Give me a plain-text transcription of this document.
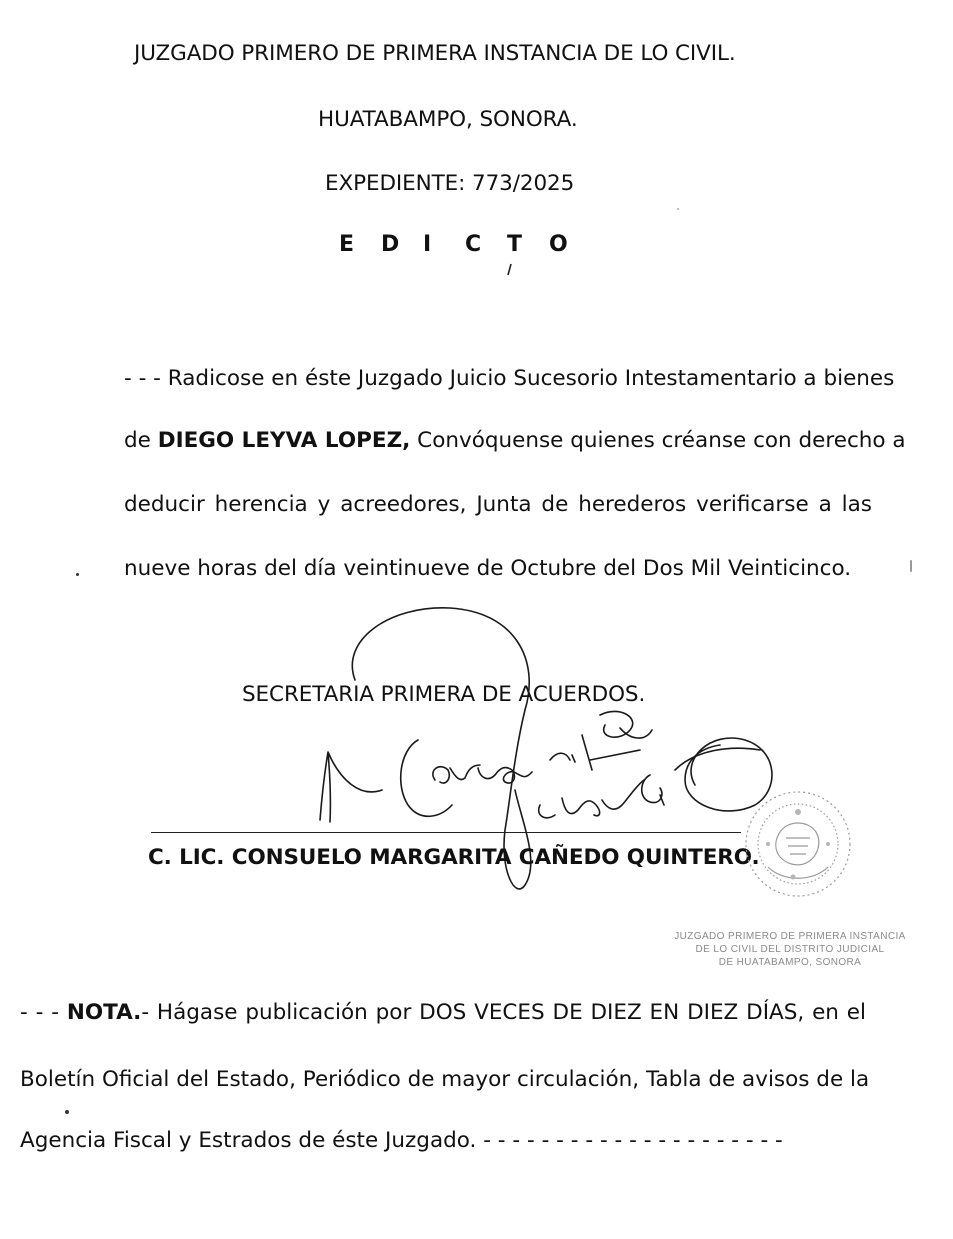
JUZGADO PRIMERO DE PRIMERA INSTANCIA DE LO CIVIL.
HUATABAMPO, SONORA.
EXPEDIENTE: 773/2025
E D I C T O
- - - Radicose en éste Juzgado Juicio Sucesorio Intestamentario a bienes
de DIEGO LEYVA LOPEZ, Convóquense quienes créanse con derecho a
deducir herencia y acreedores, Junta de herederos verificarse a las
nueve horas del día veintinueve de Octubre del Dos Mil Veinticinco.
SECRETARIA PRIMERA DE ACUERDOS.
C. LIC. CONSUELO MARGARITA CAÑEDO QUINTERO.
JUZGADO PRIMERO DE PRIMERA INSTANCIA
DE LO CIVIL DEL DISTRITO JUDICIAL
DE HUATABAMPO, SONORA
- - - NOTA.- Hágase publicación por DOS VECES DE DIEZ EN DIEZ DÍAS, en el
Boletín Oficial del Estado, Periódico de mayor circulación, Tabla de avisos de la
Agencia Fiscal y Estrados de éste Juzgado. - - - - - - - - - - - - - - - - - - - - -
